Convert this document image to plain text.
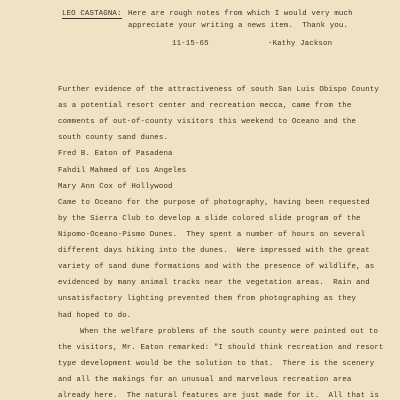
LEO CASTAGNA: Here are rough notes from which I would very much
appreciate your writing a news item.  Thank you.
11-15-65	-Kathy Jackson
Further evidence of the attractiveness of south San Luis Obispo County
as a potential resort center and recreation mecca, came from the
comments of out-of-county visitors this weekend to Oceano and the
south county sand dunes.
Fred B. Eaton of Pasadena
Fahdil Mahmed of Los Angeles
Mary Ann Cox of Hollywood
Came to Oceano for the purpose of photography, having been requested
by the Sierra Club to develop a slide colored slide program of the
Nipomo-Oceano-Pismo Dunes.  They spent a number of hours on several
different days hiking into the dunes.  Were impressed with the great
variety of sand dune formations and with the presence of wildlife, as
evidenced by many animal tracks near the vegetation areas.  Rain and
unsatisfactory lighting prevented them from photographing as they
had hoped to do.
When the welfare problems of the south county were pointed out to
the visitors, Mr. Eaton remarked: "I should think recreation and resort
type development would be the solution to that.  There is the scenery
and all the makings for an unusual and marvelous recreation area
already here.  The natural features are just made for it.  All that is
